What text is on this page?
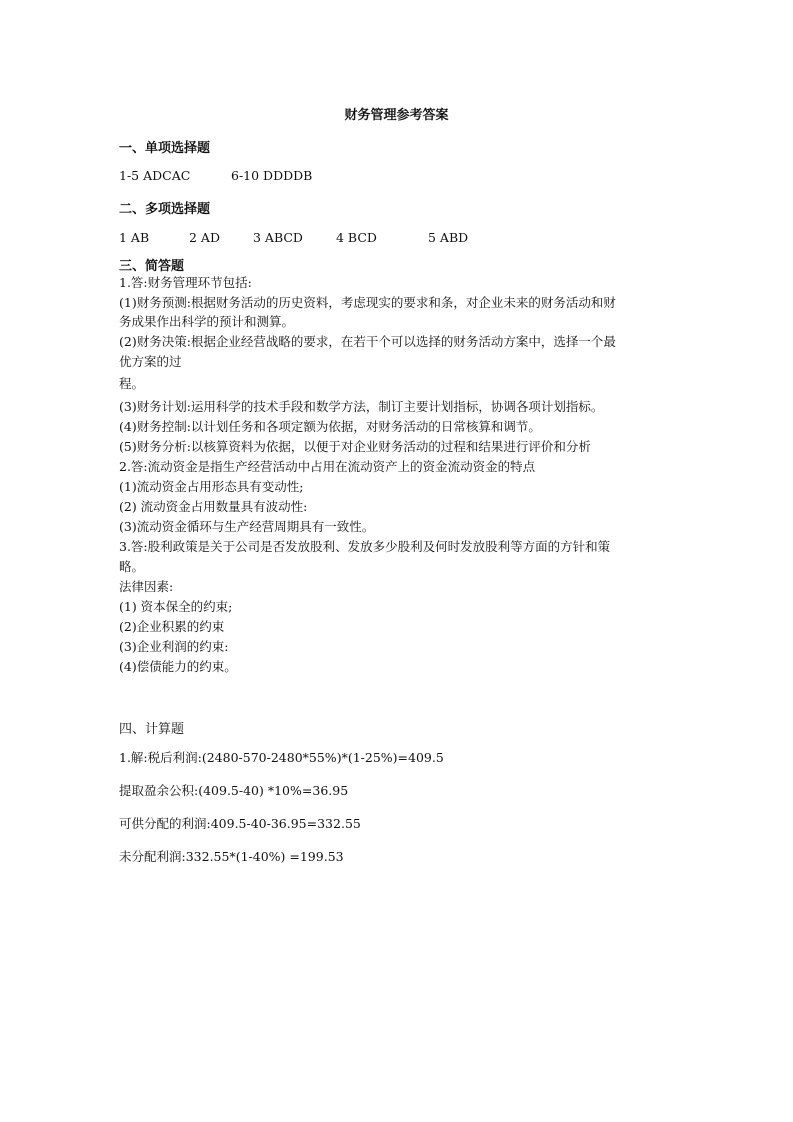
财务管理参考答案
一、单项选择题
1-5 ADCAC	6-10 DDDDB
二、多项选择题
1 AB	2 AD	3 ABCD	4 BCD	5 ABD
三、简答题
1.答:财务管理环节包括:
(1)财务预测:根据财务活动的历史资料，考虑现实的要求和条，对企业未来的财务活动和财
务成果作出科学的预计和测算。
(2)财务决策:根据企业经营战略的要求，在若干个可以选择的财务活动方案中，选择一个最
优方案的过
程。
(3)财务计划:运用科学的技术手段和数学方法，制订主要计划指标，协调各项计划指标。
(4)财务控制:以计划任务和各项定额为依据，对财务活动的日常核算和调节。
(5)财务分析:以核算资料为依据，以便于对企业财务活动的过程和结果进行评价和分析
2.答:流动资金是指生产经营活动中占用在流动资产上的资金流动资金的特点
(1)流动资金占用形态具有变动性;
(2) 流动资金占用数量具有波动性:
(3)流动资金循环与生产经营周期具有一致性。
3.答:股利政策是关于公司是否发放股利、发放多少股利及何时发放股利等方面的方针和策
略。
法律因素:
(1) 资本保全的约束;
(2)企业积累的约束
(3)企业利润的约束:
(4)偿债能力的约束。
四、计算题
1.解:税后利润:(2480-570-2480*55%)*(1-25%)=409.5
提取盈余公积:(409.5-40) *10%=36.95
可供分配的利润:409.5-40-36.95=332.55
未分配利润:332.55*(1-40%) =199.53
